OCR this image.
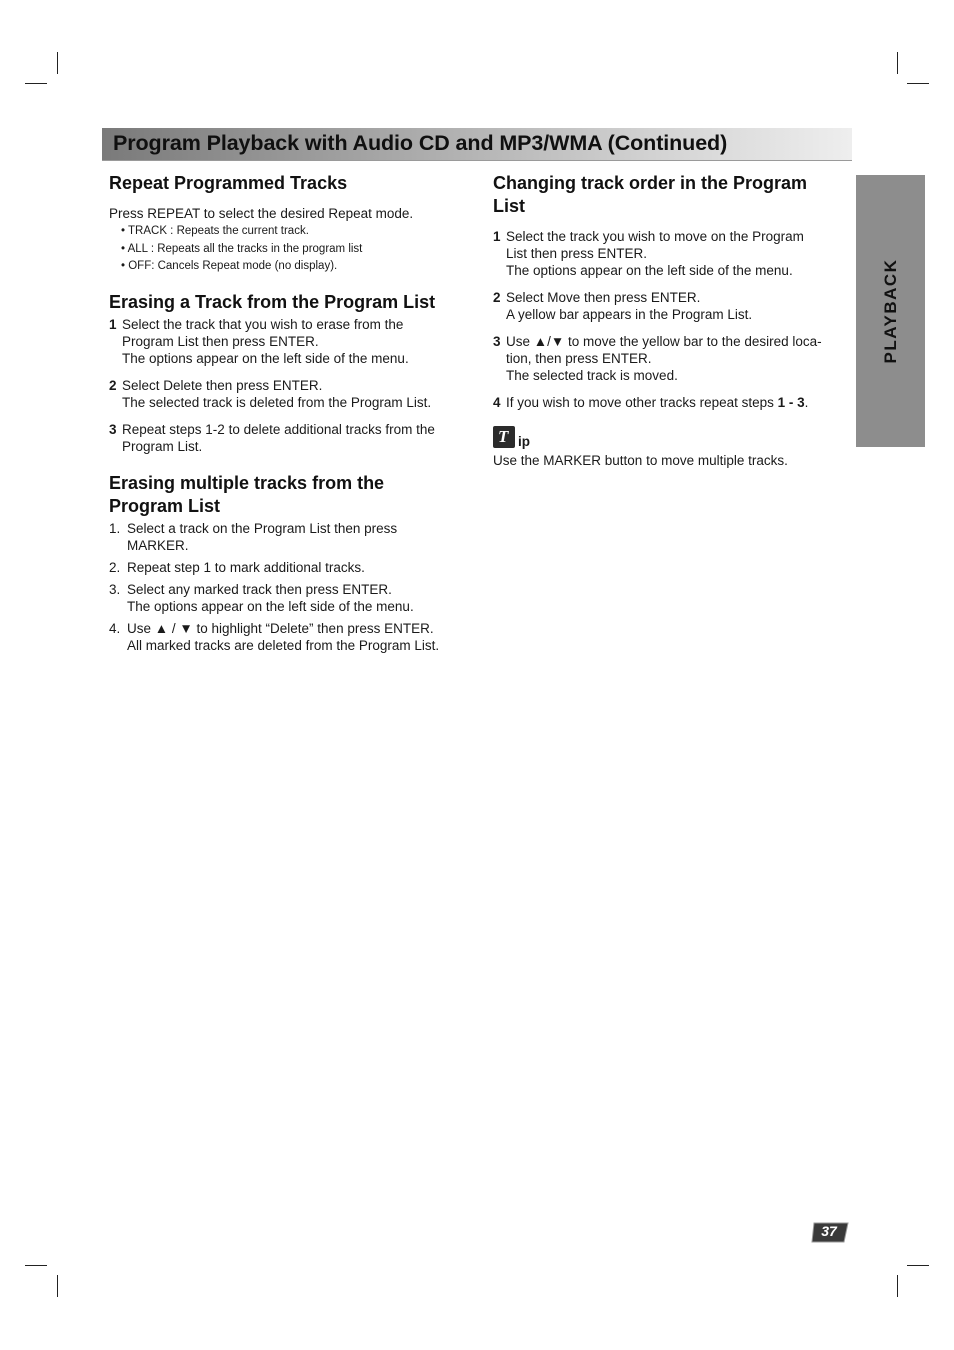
Program Playback with Audio CD and MP3/WMA (Continued)
PLAYBACK
Repeat Programmed Tracks
Press REPEAT to select the desired Repeat mode.
• TRACK : Repeats the current track.
• ALL : Repeats all the tracks in the program list
• OFF: Cancels Repeat mode (no display).
Erasing a Track from the Program List
1 Select the track that you wish to erase from the
Program List then press ENTER.
The options appear on the left side of the menu.
2 Select Delete then press ENTER.
The selected track is deleted from the Program List.
3 Repeat steps 1-2 to delete additional tracks from the
Program List.
Erasing multiple tracks from the
Program List
1. Select a track on the Program List then press
MARKER.
2. Repeat step 1 to mark additional tracks.
3. Select any marked track then press ENTER.
The options appear on the left side of the menu.
4. Use ▲ / ▼ to highlight “Delete” then press ENTER.
All marked tracks are deleted from the Program List.
Changing track order in the Program
List
1 Select the track you wish to move on the Program
List then press ENTER.
The options appear on the left side of the menu.
2 Select Move then press ENTER.
A yellow bar appears in the Program List.
3 Use ▲/▼ to move the yellow bar to the desired loca-
tion, then press ENTER.
The selected track is moved.
4 If you wish to move other tracks repeat steps 1 - 3.
T ip
Use the MARKER button to move multiple tracks.
37
